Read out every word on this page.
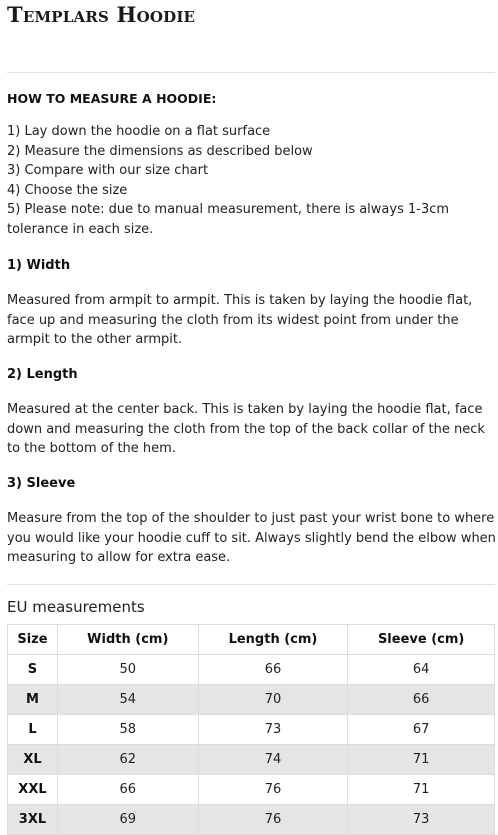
Templars Hoodie
HOW TO MEASURE A HOODIE:
1) Lay down the hoodie on a flat surface
2) Measure the dimensions as described below
3) Compare with our size chart
4) Choose the size
5) Please note: due to manual measurement, there is always 1-3cm
tolerance in each size.
1) Width
Measured from armpit to armpit. This is taken by laying the hoodie flat,
face up and measuring the cloth from its widest point from under the
armpit to the other armpit.
2) Length
Measured at the center back. This is taken by laying the hoodie flat, face
down and measuring the cloth from the top of the back collar of the neck
to the bottom of the hem.
3) Sleeve
Measure from the top of the shoulder to just past your wrist bone to where
you would like your hoodie cuff to sit. Always slightly bend the elbow when
measuring to allow for extra ease.
EU measurements
Size	Width (cm)	Length (cm)	Sleeve (cm)
S	50	66	64
M	54	70	66
L	58	73	67
XL	62	74	71
XXL	66	76	71
3XL	69	76	73
